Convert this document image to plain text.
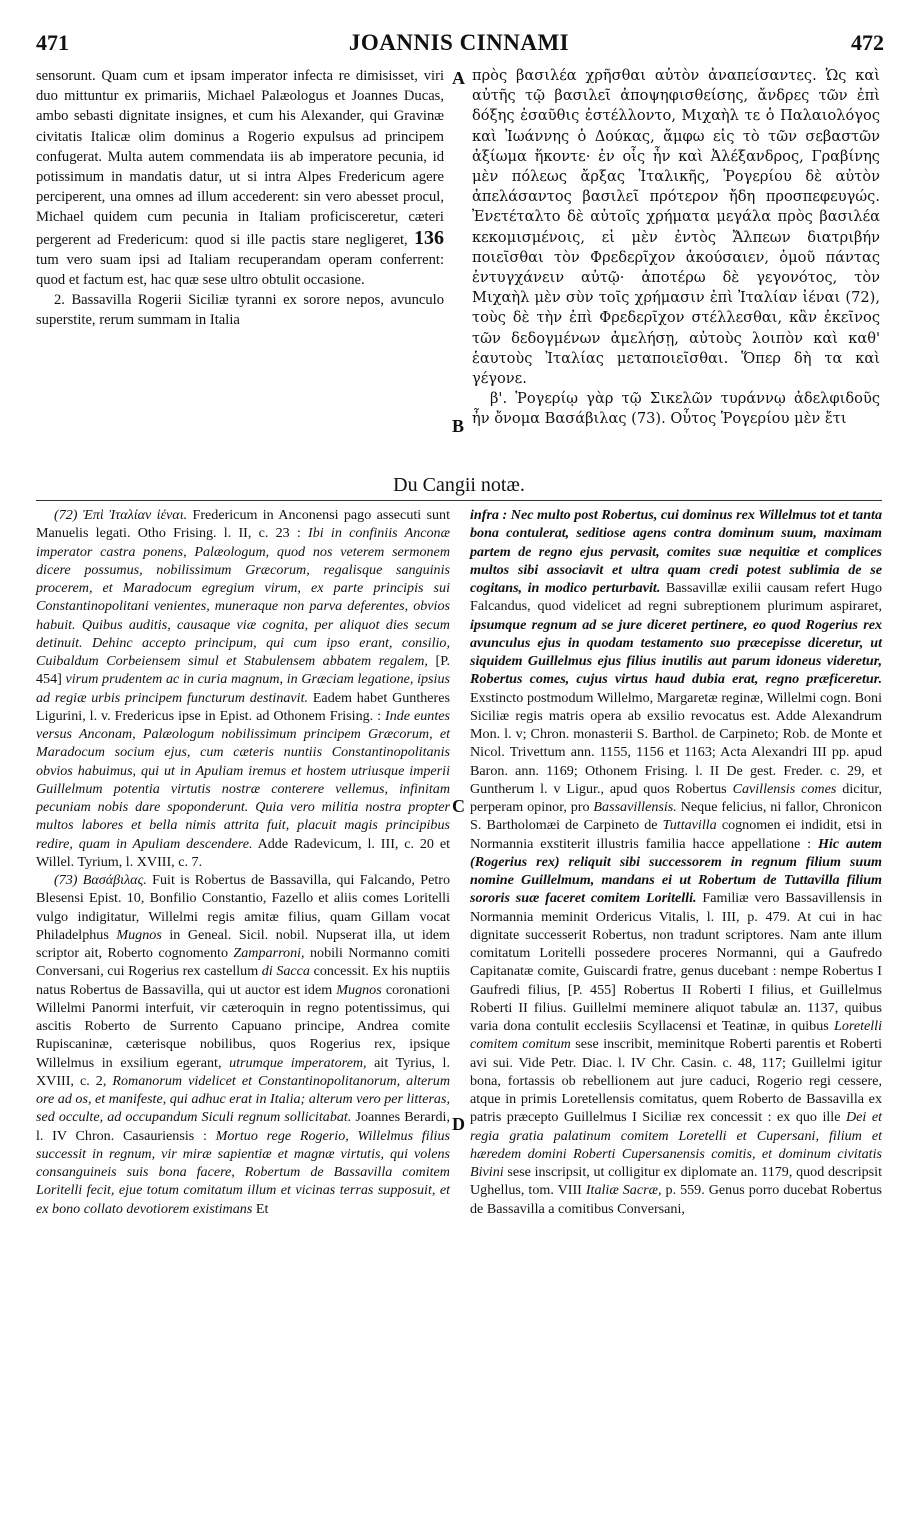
471	JOANNIS CINNAMI	472

sensorunt. Quam cum et ipsam imperator infecta re dimisisset, viri duo mittuntur ex primariis, Michael Palæologus et Joannes Ducas, ambo sebasti dignitate insignes, et cum his Alexander, qui Gravinæ civitatis Italicæ olim dominus a Rogerio expulsus ad principem confugerat. Multa autem commendata iis ab imperatore pecunia, id potissimum in mandatis datur, ut si intra Alpes Fredericum agere perciperent, una omnes ad illum accederent: sin vero abesset procul, Michael quidem cum pecunia in Italiam proficisceretur, cæteri pergerent ad Fredericum: quod si ille pactis stare negligeret, 136 tum vero suam ipsi ad Italiam recuperandam operam conferrent: quod et factum est, hac quæ sese ultro obtulit occasione.

2. Bassavilla Rogerii Siciliæ tyranni ex sorore nepos, avunculo superstite, rerum summam in Italia

A
B

πρὸς βασιλέα χρῆσθαι αὐτὸν ἀναπείσαντες. Ὡς καὶ αὐτῆς τῷ βασιλεῖ ἀποψηφισθείσης, ἄνδρες τῶν ἐπὶ δόξης ἐσαῦθις ἐστέλλοντο, Μιχαὴλ τε ὁ Παλαιολόγος καὶ Ἰωάννης ὁ Δούκας, ἄμφω εἰς τὸ τῶν σεβαστῶν ἀξίωμα ἥκοντε· ἐν οἷς ἦν καὶ Ἀλέξανδρος, Γραβίνης μὲν πόλεως ἄρξας Ἰταλικῆς, Ῥογερίου δὲ αὐτὸν ἀπελάσαντος βασιλεῖ πρότερον ἤδη προσπεφευγώς. Ἐνετέταλτο δὲ αὐτοῖς χρήματα μεγάλα πρὸς βασιλέα κεκομισμένοις, εἰ μὲν ἐντὸς Ἄλπεων διατριβήν ποιεῖσθαι τὸν Φρεδερῖχον ἀκούσαιεν, ὁμοῦ πάντας ἐντυγχάνειν αὐτῷ· ἀποτέρω δὲ γεγονότος, τὸν Μιχαὴλ μὲν σὺν τοῖς χρήμασιν ἐπὶ Ἰταλίαν ἰέναι (72), τοὺς δὲ τὴν ἐπὶ Φρεδερῖχον στέλλεσθαι, κἂν ἐκεῖνος τῶν δεδογμένων ἀμελήσῃ, αὐτοὺς λοιπὸν καὶ καθ' ἑαυτοὺς Ἰταλίας μεταποιεῖσθαι. Ὅπερ δὴ τα καὶ γέγονε.

β'. Ῥογερίῳ γὰρ τῷ Σικελῶν τυράννῳ ἀδελφιδοῦς ἦν ὄνομα Βασάβιλας (73). Οὗτος Ῥογερίου μὲν ἔτι

Du Cangii notæ.

(72) Ἐπὶ Ἰταλίαν ἰέναι. Fredericum in Anconensi pago assecuti sunt Manuelis legati. Otho Frising. l. II, c. 23 : Ibi in confiniis Anconæ imperator castra ponens, Palæologum, quod nos veterem sermonem dicere possumus, nobilissimum Græcorum, regalisque sanguinis procerem, et Maradocum egregium virum, ex parte principis sui Constantinopolitani venientes, muneraque non parva deferentes, obvios habuit. Quibus auditis, causaque viæ cognita, per aliquot dies secum detinuit. Dehinc accepto principum, qui cum ipso erant, consilio, Cuibaldum Corbeiensem simul et Stabulensem abbatem regalem, [P. 454] virum prudentem ac in curia magnum, in Græciam legatione, ipsius ad regiæ urbis principem functurum destinavit. Eadem habet Guntheres Ligurini, l. v. Fredericus ipse in Epist. ad Othonem Frising. : Inde euntes versus Anconam, Palæologum nobilissimum principem Græcorum, et Maradocum socium ejus, cum cæteris nuntiis Constantinopolitanis obvios habuimus, qui ut in Apuliam iremus et hostem utriusque imperii Guillelmum potentia virtutis nostræ conterere vellemus, infinitam pecuniam nobis dare spoponderunt. Quia vero militia nostra propter multos labores et bella nimis attrita fuit, placuit magis principibus redire, quam in Apuliam descendere. Adde Radevicum, l. III, c. 20 et Willel. Tyrium, l. XVIII, c. 7.

(73) Βασάβιλας. Fuit is Robertus de Bassavilla, qui Falcando, Petro Blesensi Epist. 10, Bonfilio Constantio, Fazello et aliis comes Loritelli vulgo indigitatur, Willelmi regis amitæ filius, quam Gillam vocat Philadelphus Mugnos in Geneal. Sicil. nobil. Nupserat illa, ut idem scriptor ait, Roberto cognomento Zamparroni, nobili Normanno comiti Conversani, cui Rogerius rex castellum di Sacca concessit. Ex his nuptiis natus Robertus de Bassavilla, qui ut auctor est idem Mugnos coronationi Willelmi Panormi interfuit, vir cæteroquin in regno potentissimus, qui ascitis Roberto de Surrento Capuano principe, Andrea comite Rupiscaninæ, cæterisque nobilibus, quos Rogerius rex, ipsique Willelmus in exsilium egerant, utrumque imperatorem, ait Tyrius, l. XVIII, c. 2, Romanorum videlicet et Constantinopolitanorum, alterum ore ad os, et manifeste, qui adhuc erat in Italia; alterum vero per litteras, sed occulte, ad occupandum Siculi regnum sollicitabat. Joannes Berardi, l. IV Chron. Casauriensis : Mortuo rege Rogerio, Willelmus filius successit in regnum, vir miræ sapientiæ et magnæ virtutis, qui volens consanguineis suis bona facere, Robertum de Bassavilla comitem Loritelli fecit, ejue totum comitatum illum et vicinas terras supposuit, et ex bono collato devotiorem existimans Et

C
D

infra : Nec multo post Robertus, cui dominus rex Willelmus tot et tanta bona contulerat, seditiose agens contra dominum suum, maximam partem de regno ejus pervasit, comites suæ nequitiæ et complices multos sibi associavit et ultra quam credi potest sublimia de se cogitans, in modico perturbavit. Bassavillæ exilii causam refert Hugo Falcandus, quod videlicet ad regni subreptionem plurimum aspiraret, ipsumque regnum ad se jure diceret pertinere, eo quod Rogerius rex avunculus ejus in quodam testamento suo præcepisse diceretur, ut siquidem Guillelmus ejus filius inutilis aut parum idoneus videretur, Robertus comes, cujus virtus haud dubia erat, regno præficeretur. Exstincto postmodum Willelmo, Margaretæ reginæ, Willelmi cogn. Boni Siciliæ regis matris opera ab exsilio revocatus est. Adde Alexandrum Mon. l. v; Chron. monasterii S. Barthol. de Carpineto; Rob. de Monte et Nicol. Trivettum ann. 1155, 1156 et 1163; Acta Alexandri III pp. apud Baron. ann. 1169; Othonem Frising. l. II De gest. Freder. c. 29, et Guntherum l. v Ligur., apud quos Robertus Cavillensis comes dicitur, perperam opinor, pro Bassavillensis. Neque felicius, ni fallor, Chronicon S. Bartholomæi de Carpineto de Tuttavilla cognomen ei indidit, etsi in Normannia exstiterit illustris familia hacce appellatione : Hic autem (Rogerius rex) reliquit sibi successorem in regnum filium suum nomine Guillelmum, mandans ei ut Robertum de Tuttavilla filium sororis suæ faceret comitem Loritelli. Familiæ vero Bassavillensis in Normannia meminit Ordericus Vitalis, l. III, p. 479. At cui in hac dignitate successerit Robertus, non tradunt scriptores. Nam ante illum comitatum Loritelli possedere proceres Normanni, qui a Gaufredo Capitanatæ comite, Guiscardi fratre, genus ducebant : nempe Robertus I Gaufredi filius, [P. 455] Robertus II Roberti I filius, et Guillelmus Roberti II filius. Guillelmi meminere aliquot tabulæ an. 1137, quibus varia dona contulit ecclesiis Scyllacensi et Teatinæ, in quibus Loretelli comitem comitum sese inscribit, meminitque Roberti parentis et Roberti avi sui. Vide Petr. Diac. l. IV Chr. Casin. c. 48, 117; Guillelmi igitur bona, fortassis ob rebellionem aut jure caduci, Rogerio regi cessere, atque in primis Loretellensis comitatus, quem Roberto de Bassavilla ex patris præcepto Guillelmus I Siciliæ rex concessit : ex quo ille Dei et regia gratia palatinum comitem Loretelli et Cupersani, filium et hæredem domini Roberti Cupersanensis comitis, et dominum civitatis Bivini sese inscripsit, ut colligitur ex diplomate an. 1179, quod descripsit Ughellus, tom. VIII Italiæ Sacræ, p. 559. Genus porro ducebat Robertus de Bassavilla a comitibus Conversani,
